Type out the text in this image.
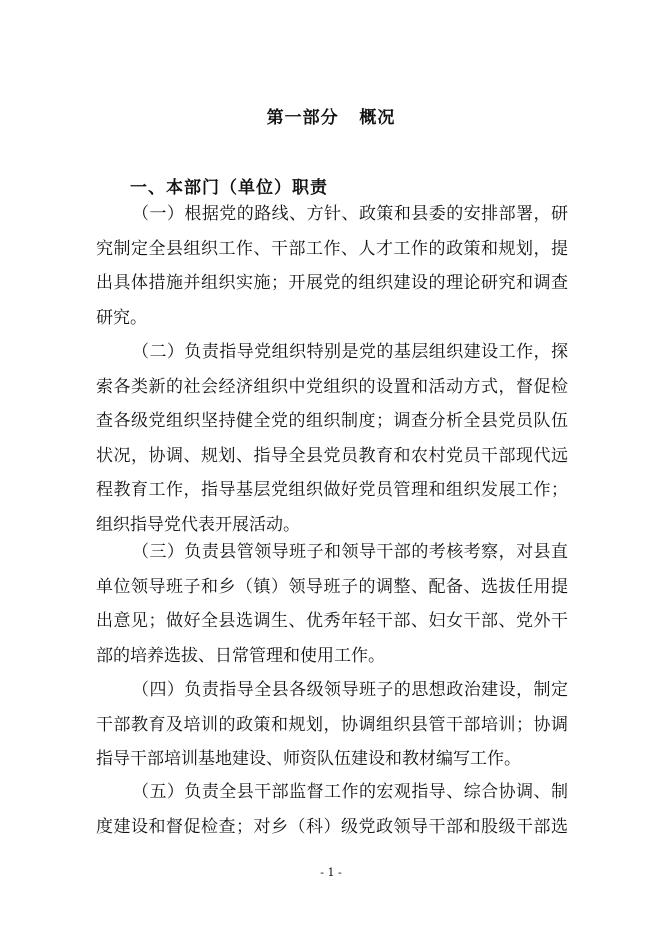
第一部分   概况
一、本部门（单位）职责

（一）根据党的路线、方针、政策和县委的安排部署，研
究制定全县组织工作、干部工作、人才工作的政策和规划，提
出具体措施并组织实施；开展党的组织建设的理论研究和调查
研究。

（二）负责指导党组织特别是党的基层组织建设工作，探
索各类新的社会经济组织中党组织的设置和活动方式，督促检
查各级党组织坚持健全党的组织制度；调查分析全县党员队伍
状况，协调、规划、指导全县党员教育和农村党员干部现代远
程教育工作，指导基层党组织做好党员管理和组织发展工作；
组织指导党代表开展活动。

（三）负责县管领导班子和领导干部的考核考察，对县直
单位领导班子和乡（镇）领导班子的调整、配备、选拔任用提
出意见；做好全县选调生、优秀年轻干部、妇女干部、党外干
部的培养选拔、日常管理和使用工作。

（四）负责指导全县各级领导班子的思想政治建设，制定
干部教育及培训的政策和规划，协调组织县管干部培训；协调
指导干部培训基地建设、师资队伍建设和教材编写工作。

（五）负责全县干部监督工作的宏观指导、综合协调、制
度建设和督促检查；对乡（科）级党政领导干部和股级干部选

- 1 -
